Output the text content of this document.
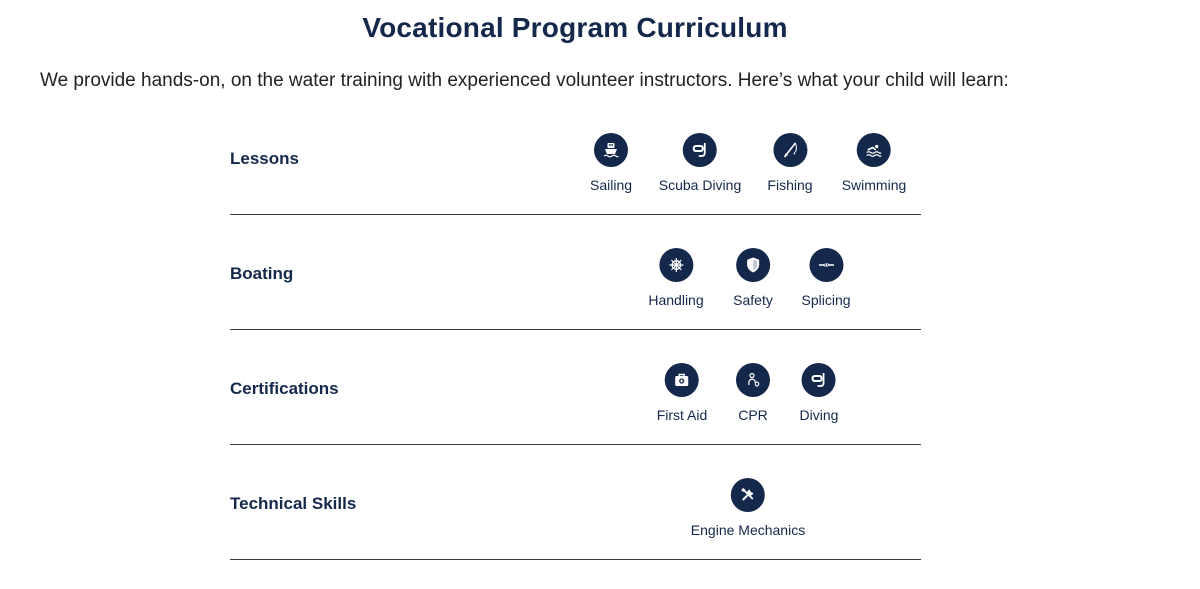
Vocational Program Curriculum
We provide hands-on, on the water training with experienced volunteer instructors. Here’s what your child will learn:
Lessons
Sailing Scuba Diving Fishing Swimming
Boating
Handling Safety Splicing
Certifications
First Aid CPR Diving
Technical Skills
Engine Mechanics
